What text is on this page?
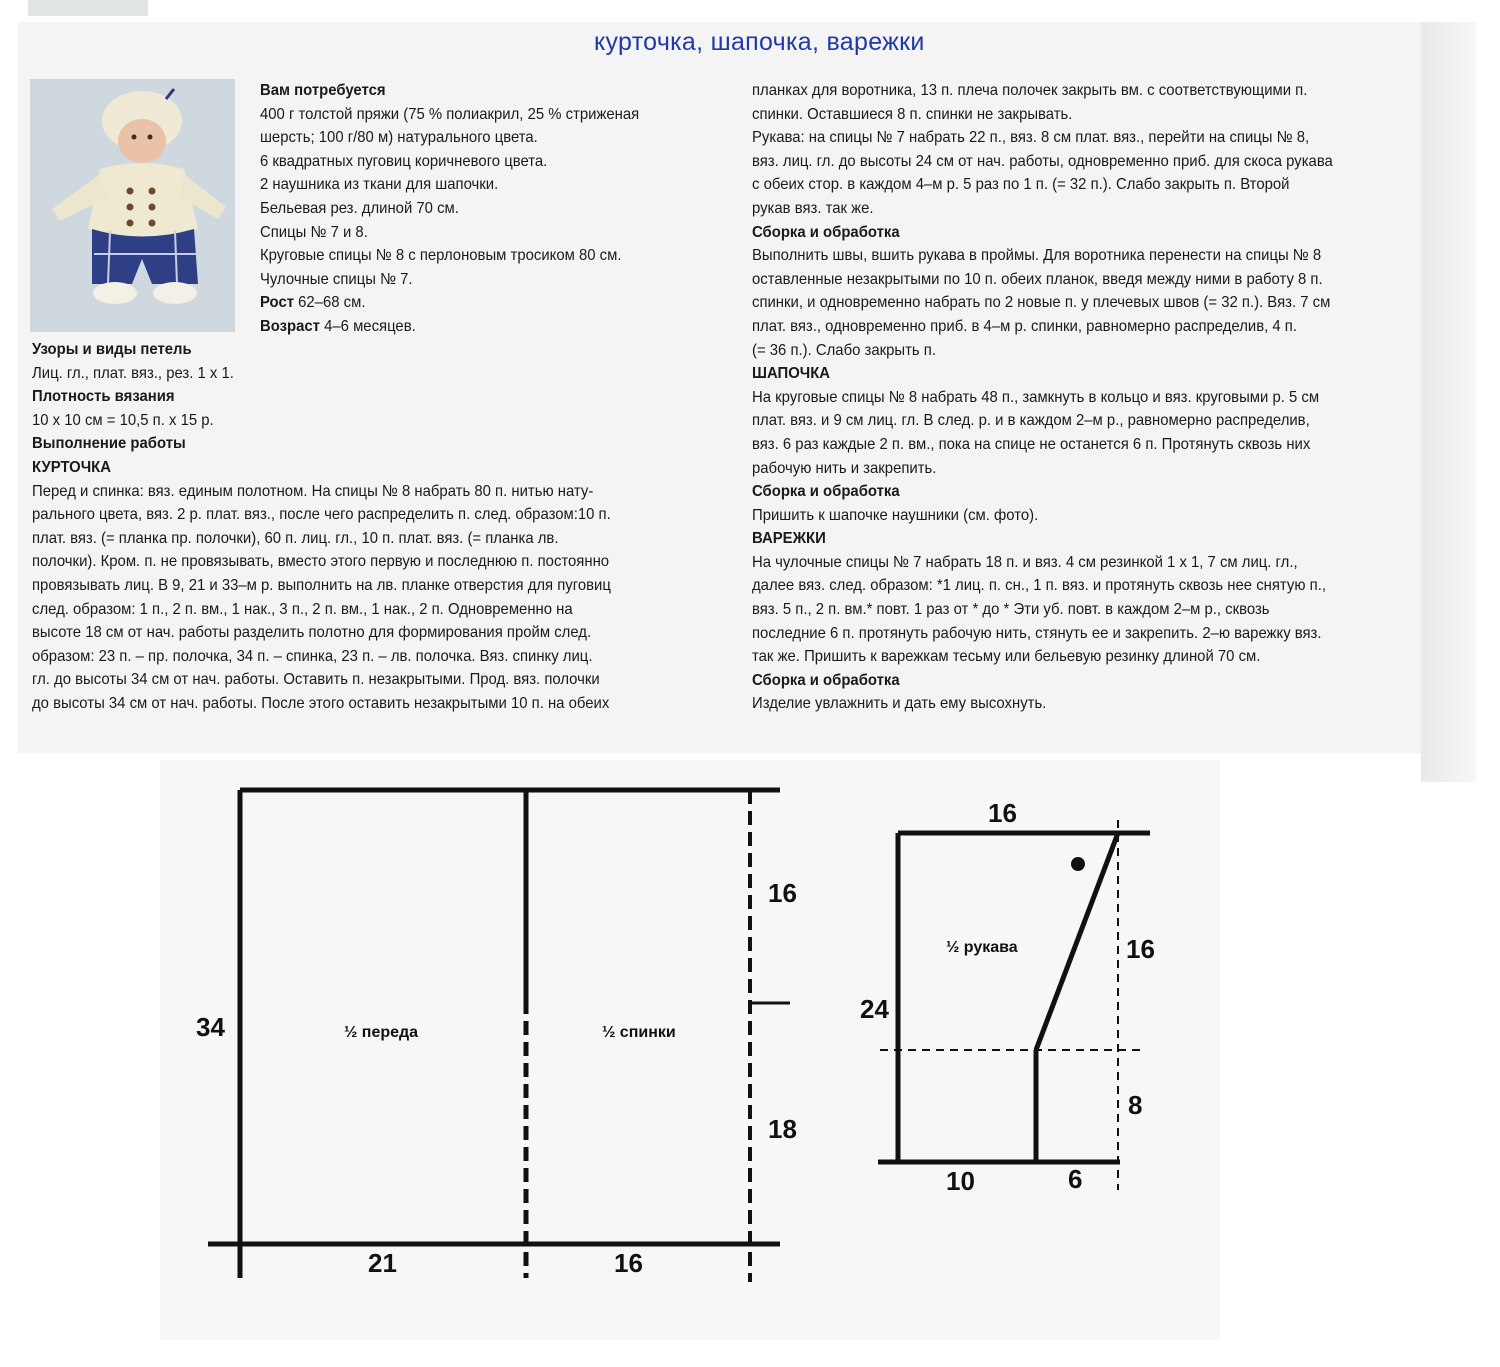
курточка, шапочка, варежки

Вам потребуется

400 г толстой пряжи (75 % полиакрил, 25 % стриженая

шерсть; 100 г/80 м) натурального цвета.

6 квадратных пуговиц коричневого цвета.

2 наушника из ткани для шапочки.

Бельевая рез. длиной 70 см.

Спицы № 7 и 8.

Круговые спицы № 8 с перлоновым тросиком 80 см.

Чулочные спицы № 7.

Рост 62–68 см.

Возраст 4–6 месяцев.

Узоры и виды петель

Лиц. гл., плат. вяз., рез. 1 х 1.

Плотность вязания

10 х 10 см = 10,5 п. х 15 р.

Выполнение работы

КУРТОЧКА

Перед и спинка: вяз. единым полотном. На спицы № 8 набрать 80 п. нитью нату-

рального цвета, вяз. 2 р. плат. вяз., после чего распределить п. след. образом:10 п.

плат. вяз. (= планка пр. полочки), 60 п. лиц. гл., 10 п. плат. вяз. (= планка лв.

полочки). Кром. п. не провязывать, вместо этого первую и последнюю п. постоянно

провязывать лиц. В 9, 21 и 33–м р. выполнить на лв. планке отверстия для пуговиц

след. образом: 1 п., 2 п. вм., 1 нак., 3 п., 2 п. вм., 1 нак., 2 п. Одновременно на

высоте 18 см от нач. работы разделить полотно для формирования пройм след.

образом: 23 п. – пр. полочка, 34 п. – спинка, 23 п. – лв. полочка. Вяз. спинку лиц.

гл. до высоты 34 см от нач. работы. Оставить п. незакрытыми. Прод. вяз. полочки

до высоты 34 см от нач. работы. После этого оставить незакрытыми 10 п. на обеих

планках для воротника, 13 п. плеча полочек закрыть вм. с соответствующими п.

спинки. Оставшиеся 8 п. спинки не закрывать.

Рукава: на спицы № 7 набрать 22 п., вяз. 8 см плат. вяз., перейти на спицы № 8,

вяз. лиц. гл. до высоты 24 см от нач. работы, одновременно приб. для скоса рукава

с обеих стор. в каждом 4–м р. 5 раз по 1 п. (= 32 п.). Слабо закрыть п. Второй

рукав вяз. так же.

Сборка и обработка

Выполнить швы, вшить рукава в проймы. Для воротника перенести на спицы № 8

оставленные незакрытыми по 10 п. обеих планок, введя между ними в работу 8 п.

спинки, и одновременно набрать по 2 новые п. у плечевых швов (= 32 п.). Вяз. 7 см

плат. вяз., одновременно приб. в 4–м р. спинки, равномерно распределив, 4 п.

(= 36 п.). Слабо закрыть п.

ШАПОЧКА

На круговые спицы № 8 набрать 48 п., замкнуть в кольцо и вяз. круговыми р. 5 см

плат. вяз. и 9 см лиц. гл. В след. р. и в каждом 2–м р., равномерно распределив,

вяз. 6 раз каждые 2 п. вм., пока на спице не останется 6 п. Протянуть сквозь них

рабочую нить и закрепить.

Сборка и обработка

Пришить к шапочке наушники (см. фото).

ВАРЕЖКИ

На чулочные спицы № 7 набрать 18 п. и вяз. 4 см резинкой 1 х 1, 7 см лиц. гл.,

далее вяз. след. образом: *1 лиц. п. сн., 1 п. вяз. и протянуть сквозь нее снятую п.,

вяз. 5 п., 2 п. вм.* повт. 1 раз от * до * Эти уб. повт. в каждом 2–м р., сквозь

последние 6 п. протянуть рабочую нить, стянуть ее и закрепить. 2–ю варежку вяз.

так же. Пришить к варежкам тесьму или бельевую резинку длиной 70 см.

Сборка и обработка

Изделие увлажнить и дать ему высохнуть.

34
16
18
21	16
½ переда	½ спинки
16
16
24
8
10	6
½ рукава
